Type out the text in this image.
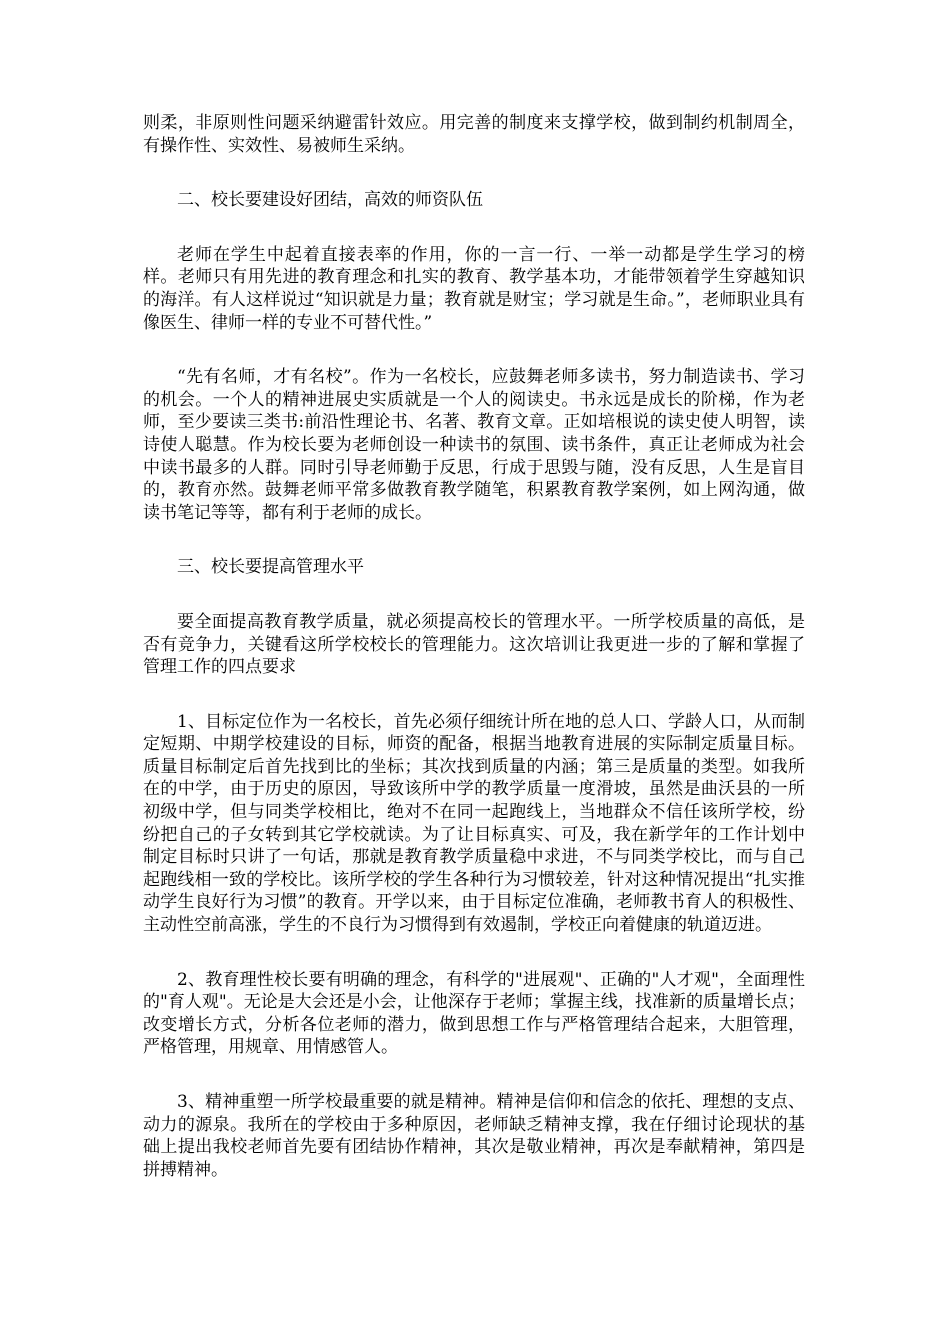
则柔，非原则性问题采纳避雷针效应。用完善的制度来支撑学校，做到制约机制周全，有操作性、实效性、易被师生采纳。

二、校长要建设好团结，高效的师资队伍

老师在学生中起着直接表率的作用，你的一言一行、一举一动都是学生学习的榜样。老师只有用先进的教育理念和扎实的教育、教学基本功，才能带领着学生穿越知识的海洋。有人这样说过“知识就是力量；教育就是财宝；学习就是生命。”，老师职业具有像医生、律师一样的专业不可替代性。”

“先有名师，才有名校”。作为一名校长，应鼓舞老师多读书，努力制造读书、学习的机会。一个人的精神进展史实质就是一个人的阅读史。书永远是成长的阶梯，作为老师，至少要读三类书:前沿性理论书、名著、教育文章。正如培根说的读史使人明智，读诗使人聪慧。作为校长要为老师创设一种读书的氛围、读书条件，真正让老师成为社会中读书最多的人群。同时引导老师勤于反思，行成于思毁与随，没有反思，人生是盲目的，教育亦然。鼓舞老师平常多做教育教学随笔，积累教育教学案例，如上网沟通，做读书笔记等等，都有利于老师的成长。

三、校长要提高管理水平

要全面提高教育教学质量，就必须提高校长的管理水平。一所学校质量的高低，是否有竞争力，关键看这所学校校长的管理能力。这次培训让我更进一步的了解和掌握了管理工作的四点要求

1、目标定位作为一名校长，首先必须仔细统计所在地的总人口、学龄人口，从而制定短期、中期学校建设的目标，师资的配备，根据当地教育进展的实际制定质量目标。质量目标制定后首先找到比的坐标；其次找到质量的内涵；第三是质量的类型。如我所在的中学，由于历史的原因，导致该所中学的教学质量一度滑坡，虽然是曲沃县的一所初级中学，但与同类学校相比，绝对不在同一起跑线上，当地群众不信任该所学校，纷纷把自己的子女转到其它学校就读。为了让目标真实、可及，我在新学年的工作计划中制定目标时只讲了一句话，那就是教育教学质量稳中求进，不与同类学校比，而与自己起跑线相一致的学校比。该所学校的学生各种行为习惯较差，针对这种情况提出“扎实推动学生良好行为习惯”的教育。开学以来，由于目标定位准确，老师教书育人的积极性、主动性空前高涨，学生的不良行为习惯得到有效遏制，学校正向着健康的轨道迈进。

2、教育理性校长要有明确的理念，有科学的"进展观"、正确的"人才观"，全面理性的"育人观"。无论是大会还是小会，让他深存于老师；掌握主线，找准新的质量增长点；改变增长方式，分析各位老师的潜力，做到思想工作与严格管理结合起来，大胆管理，严格管理，用规章、用情感管人。

3、精神重塑一所学校最重要的就是精神。精神是信仰和信念的依托、理想的支点、动力的源泉。我所在的学校由于多种原因，老师缺乏精神支撑，我在仔细讨论现状的基础上提出我校老师首先要有团结协作精神，其次是敬业精神，再次是奉献精神，第四是拼搏精神。
